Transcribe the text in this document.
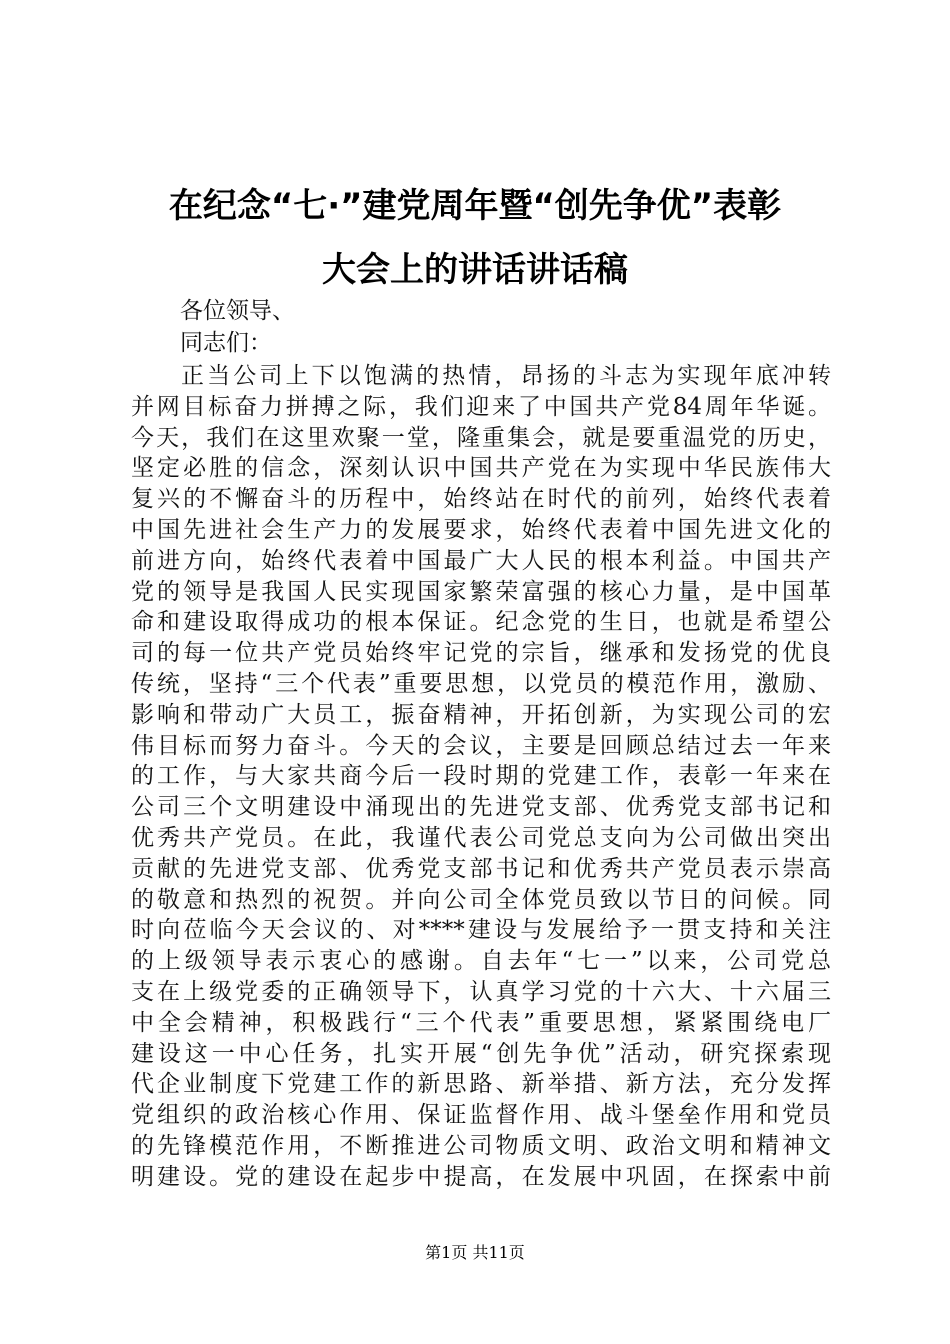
在纪念“七·”建党周年暨“创先争优”表彰
大会上的讲话讲话稿
各位领导、
同志们：
正当公司上下以饱满的热情，昂扬的斗志为实现年底冲转
并网目标奋力拼搏之际，我们迎来了中国共产党84周年华诞。
今天，我们在这里欢聚一堂，隆重集会，就是要重温党的历史，
坚定必胜的信念，深刻认识中国共产党在为实现中华民族伟大
复兴的不懈奋斗的历程中，始终站在时代的前列，始终代表着
中国先进社会生产力的发展要求，始终代表着中国先进文化的
前进方向，始终代表着中国最广大人民的根本利益。中国共产
党的领导是我国人民实现国家繁荣富强的核心力量，是中国革
命和建设取得成功的根本保证。纪念党的生日，也就是希望公
司的每一位共产党员始终牢记党的宗旨，继承和发扬党的优良
传统，坚持“三个代表”重要思想，以党员的模范作用，激励、
影响和带动广大员工，振奋精神，开拓创新，为实现公司的宏
伟目标而努力奋斗。今天的会议，主要是回顾总结过去一年来
的工作，与大家共商今后一段时期的党建工作，表彰一年来在
公司三个文明建设中涌现出的先进党支部、优秀党支部书记和
优秀共产党员。在此，我谨代表公司党总支向为公司做出突出
贡献的先进党支部、优秀党支部书记和优秀共产党员表示崇高
的敬意和热烈的祝贺。并向公司全体党员致以节日的问候。同
时向莅临今天会议的、对****建设与发展给予一贯支持和关注
的上级领导表示衷心的感谢。自去年“七一”以来，公司党总
支在上级党委的正确领导下，认真学习党的十六大、十六届三
中全会精神，积极践行“三个代表”重要思想，紧紧围绕电厂
建设这一中心任务，扎实开展“创先争优”活动，研究探索现
代企业制度下党建工作的新思路、新举措、新方法，充分发挥
党组织的政治核心作用、保证监督作用、战斗堡垒作用和党员
的先锋模范作用，不断推进公司物质文明、政治文明和精神文
明建设。党的建设在起步中提高，在发展中巩固，在探索中前
第1页 共11页
